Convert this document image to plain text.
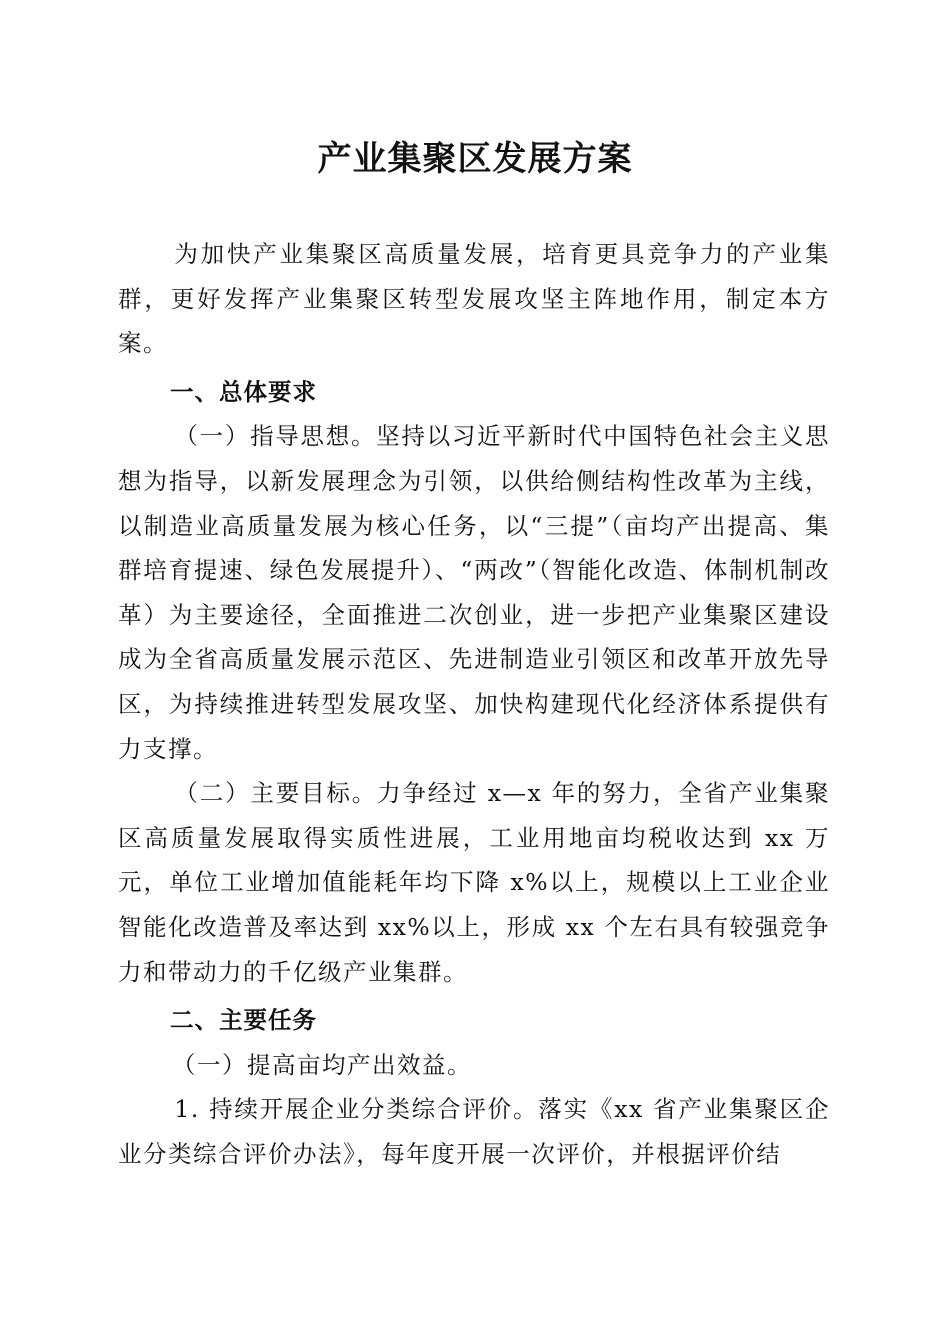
产业集聚区发展方案

为加快产业集聚区高质量发展，培育更具竞争力的产业集群，更好发挥产业集聚区转型发展攻坚主阵地作用，制定本方案。

一、总体要求

（一）指导思想。坚持以习近平新时代中国特色社会主义思想为指导，以新发展理念为引领，以供给侧结构性改革为主线，以制造业高质量发展为核心任务，以“三提”（亩均产出提高、集群培育提速、绿色发展提升）、“两改”（智能化改造、体制机制改革）为主要途径，全面推进二次创业，进一步把产业集聚区建设成为全省高质量发展示范区、先进制造业引领区和改革开放先导区，为持续推进转型发展攻坚、加快构建现代化经济体系提供有力支撑。

（二）主要目标。力争经过 x—x 年的努力，全省产业集聚区高质量发展取得实质性进展，工业用地亩均税收达到 xx 万元，单位工业增加值能耗年均下降 x%以上，规模以上工业企业智能化改造普及率达到 xx%以上，形成 xx 个左右具有较强竞争力和带动力的千亿级产业集群。

二、主要任务

（一）提高亩均产出效益。

1. 持续开展企业分类综合评价。落实《xx 省产业集聚区企业分类综合评价办法》，每年度开展一次评价，并根据评价结
